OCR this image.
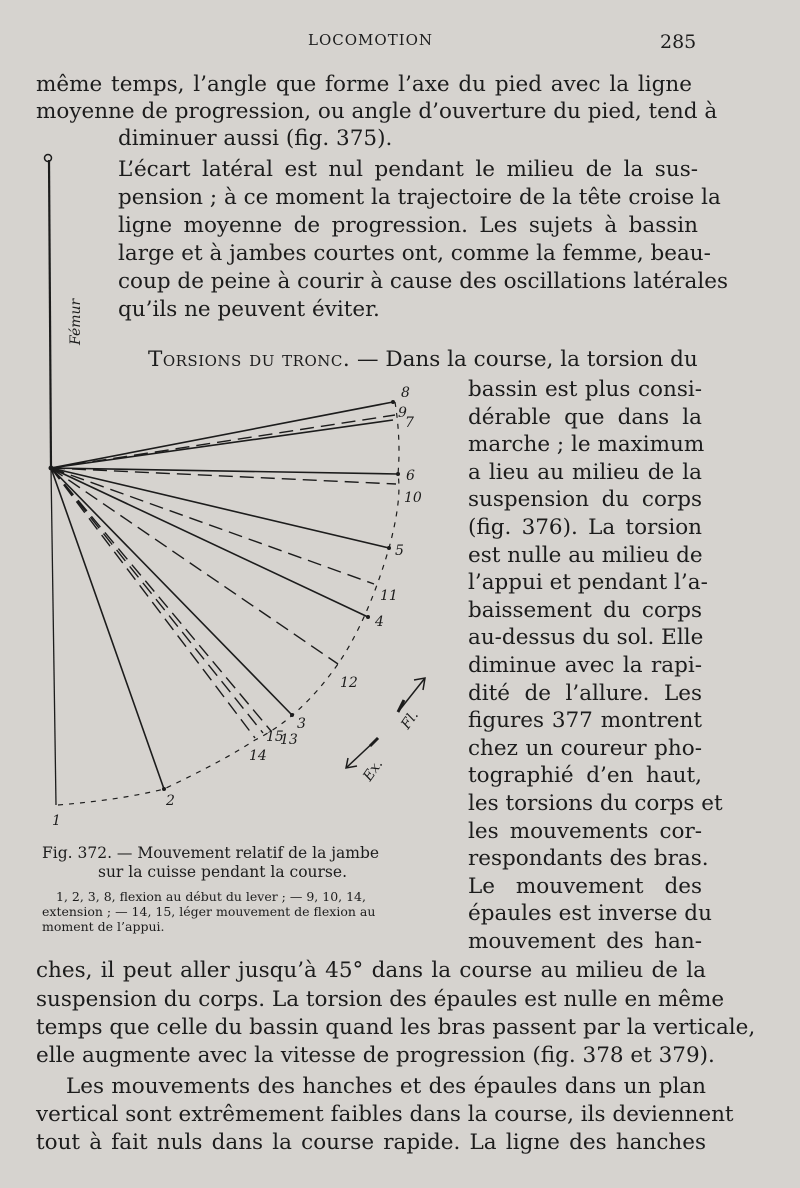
LOCOMOTION	285
même temps, l’angle que forme l’axe du pied avec la ligne
moyenne de progression, ou angle d’ouverture du pied, tend à
diminuer aussi (fig. 375).
L’écart latéral est nul pendant le milieu de la sus-
pension ; à ce moment la trajectoire de la tête croise la
ligne moyenne de progression. Les sujets à bassin
large et à jambes courtes ont, comme la femme, beau-
coup de peine à courir à cause des oscillations latérales
qu’ils ne peuvent éviter.
Torsions du tronc. — Dans la course, la torsion du
bassin est plus consi-
dérable que dans la
marche ; le maximum
a lieu au milieu de la
suspension du corps
(fig. 376). La torsion
est nulle au milieu de
l’appui et pendant l’a-
baissement du corps
au-dessus du sol. Elle
diminue avec la rapi-
dité de l’allure. Les
figures 377 montrent
chez un coureur pho-
tographié d’en haut,
les torsions du corps et
les mouvements cor-
respondants des bras.
Le mouvement des
épaules est inverse du
mouvement des han-
ches, il peut aller jusqu’à 45° dans la course au milieu de la
suspension du corps. La torsion des épaules est nulle en même
temps que celle du bassin quand les bras passent par la verticale,
elle augmente avec la vitesse de progression (fig. 378 et 379).
Les mouvements des hanches et des épaules dans un plan
vertical sont extrêmement faibles dans la course, ils deviennent
tout à fait nuls dans la course rapide. La ligne des hanches
Fémur
8
9
7
6
10
5
11
4
12
3
13
15
14
2
1
Fl.
Ex.
Fig. 372. — Mouvement relatif de la jambe
sur la cuisse pendant la course.
1, 2, 3, 8, flexion au début du lever ; — 9, 10, 14,
extension ; — 14, 15, léger mouvement de flexion au
moment de l’appui.
